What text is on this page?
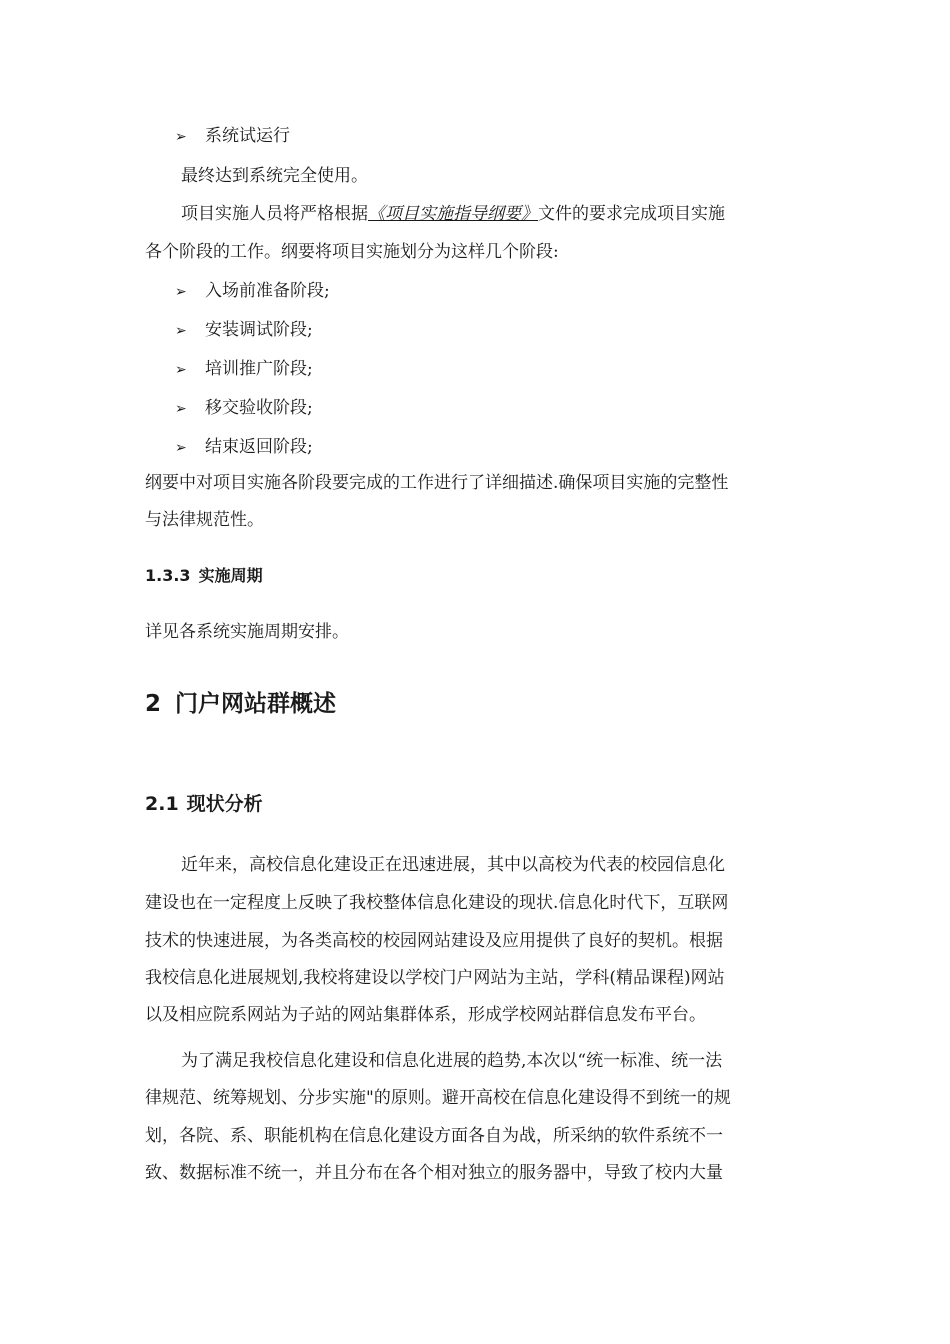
➢ 系统试运行
最终达到系统完全使用。
项目实施人员将严格根据《项目实施指导纲要》文件的要求完成项目实施
各个阶段的工作。纲要将项目实施划分为这样几个阶段:
➢ 入场前准备阶段;
➢ 安装调试阶段;
➢ 培训推广阶段;
➢ 移交验收阶段;
➢ 结束返回阶段;
纲要中对项目实施各阶段要完成的工作进行了详细描述.确保项目实施的完整性
与法律规范性。
1.3.3 实施周期
详见各系统实施周期安排。
2 门户网站群概述
2.1 现状分析
近年来，高校信息化建设正在迅速进展，其中以高校为代表的校园信息化
建设也在一定程度上反映了我校整体信息化建设的现状.信息化时代下，互联网
技术的快速进展，为各类高校的校园网站建设及应用提供了良好的契机。根据
我校信息化进展规划,我校将建设以学校门户网站为主站，学科(精品课程)网站
以及相应院系网站为子站的网站集群体系，形成学校网站群信息发布平台。
为了满足我校信息化建设和信息化进展的趋势,本次以“统一标准、统一法
律规范、统筹规划、分步实施"的原则。避开高校在信息化建设得不到统一的规
划，各院、系、职能机构在信息化建设方面各自为战，所采纳的软件系统不一
致、数据标准不统一，并且分布在各个相对独立的服务器中，导致了校内大量
